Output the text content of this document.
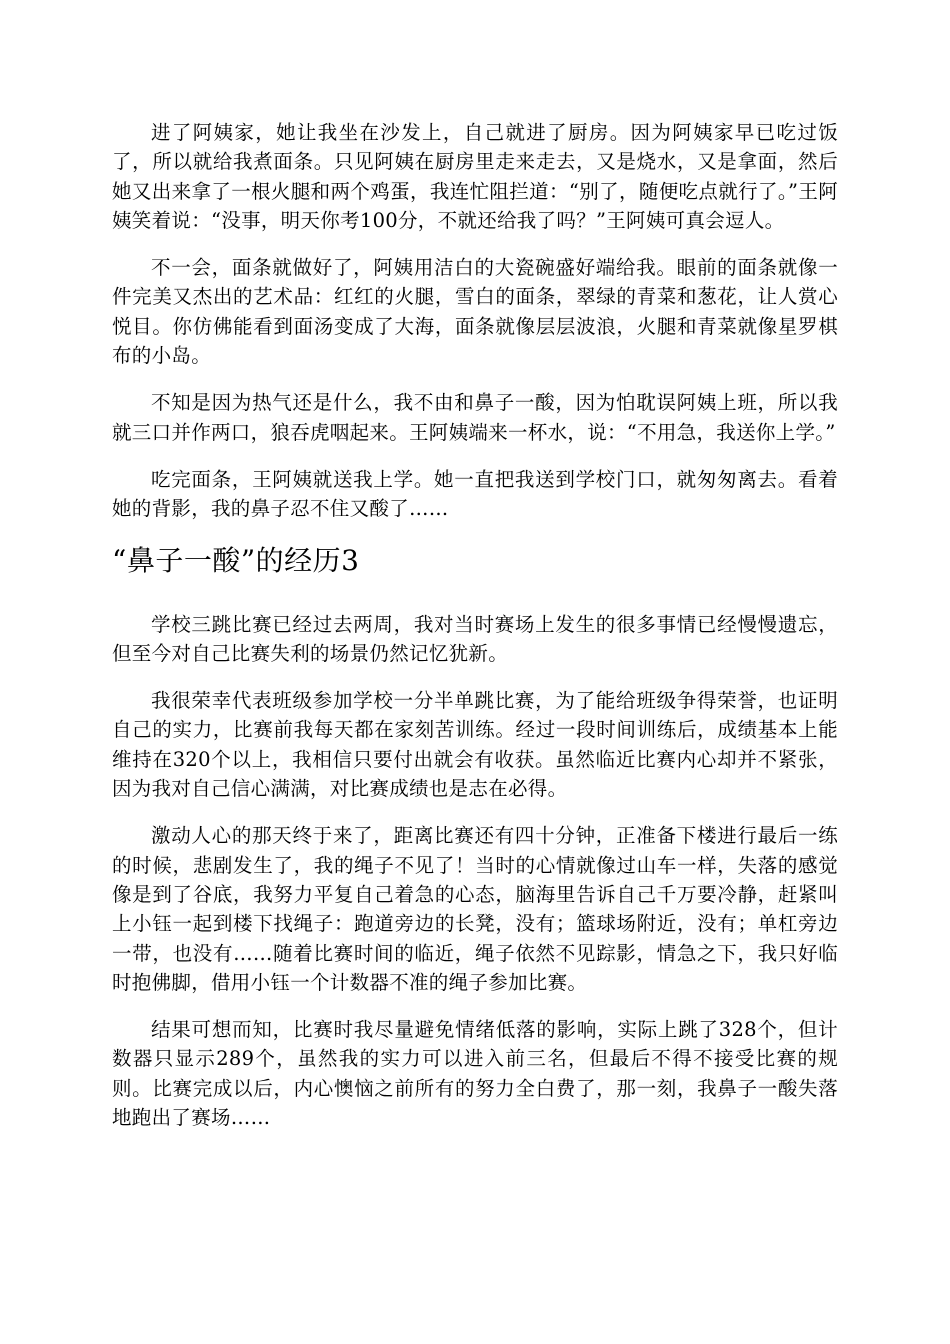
进了阿姨家，她让我坐在沙发上，自己就进了厨房。因为阿姨家早已吃过饭了，所以就给我煮面条。只见阿姨在厨房里走来走去，又是烧水，又是拿面，然后她又出来拿了一根火腿和两个鸡蛋，我连忙阻拦道：“别了，随便吃点就行了。”王阿姨笑着说：“没事，明天你考100分，不就还给我了吗？”王阿姨可真会逗人。

不一会，面条就做好了，阿姨用洁白的大瓷碗盛好端给我。眼前的面条就像一件完美又杰出的艺术品：红红的火腿，雪白的面条，翠绿的青菜和葱花，让人赏心悦目。你仿佛能看到面汤变成了大海，面条就像层层波浪，火腿和青菜就像星罗棋布的小岛。

不知是因为热气还是什么，我不由和鼻子一酸，因为怕耽误阿姨上班，所以我就三口并作两口，狼吞虎咽起来。王阿姨端来一杯水，说：“不用急，我送你上学。”

吃完面条，王阿姨就送我上学。她一直把我送到学校门口，就匆匆离去。看着她的背影，我的鼻子忍不住又酸了……

“鼻子一酸”的经历3

学校三跳比赛已经过去两周，我对当时赛场上发生的很多事情已经慢慢遗忘，但至今对自己比赛失利的场景仍然记忆犹新。

我很荣幸代表班级参加学校一分半单跳比赛，为了能给班级争得荣誉，也证明自己的实力，比赛前我每天都在家刻苦训练。经过一段时间训练后，成绩基本上能维持在320个以上，我相信只要付出就会有收获。虽然临近比赛内心却并不紧张，因为我对自己信心满满，对比赛成绩也是志在必得。

激动人心的那天终于来了，距离比赛还有四十分钟，正准备下楼进行最后一练的时候，悲剧发生了，我的绳子不见了！当时的心情就像过山车一样，失落的感觉像是到了谷底，我努力平复自己着急的心态，脑海里告诉自己千万要冷静，赶紧叫上小钰一起到楼下找绳子：跑道旁边的长凳，没有；篮球场附近，没有；单杠旁边一带，也没有……随着比赛时间的临近，绳子依然不见踪影，情急之下，我只好临时抱佛脚，借用小钰一个计数器不准的绳子参加比赛。

结果可想而知，比赛时我尽量避免情绪低落的影响，实际上跳了328个，但计数器只显示289个，虽然我的实力可以进入前三名，但最后不得不接受比赛的规则。比赛完成以后，内心懊恼之前所有的努力全白费了，那一刻，我鼻子一酸失落地跑出了赛场……
